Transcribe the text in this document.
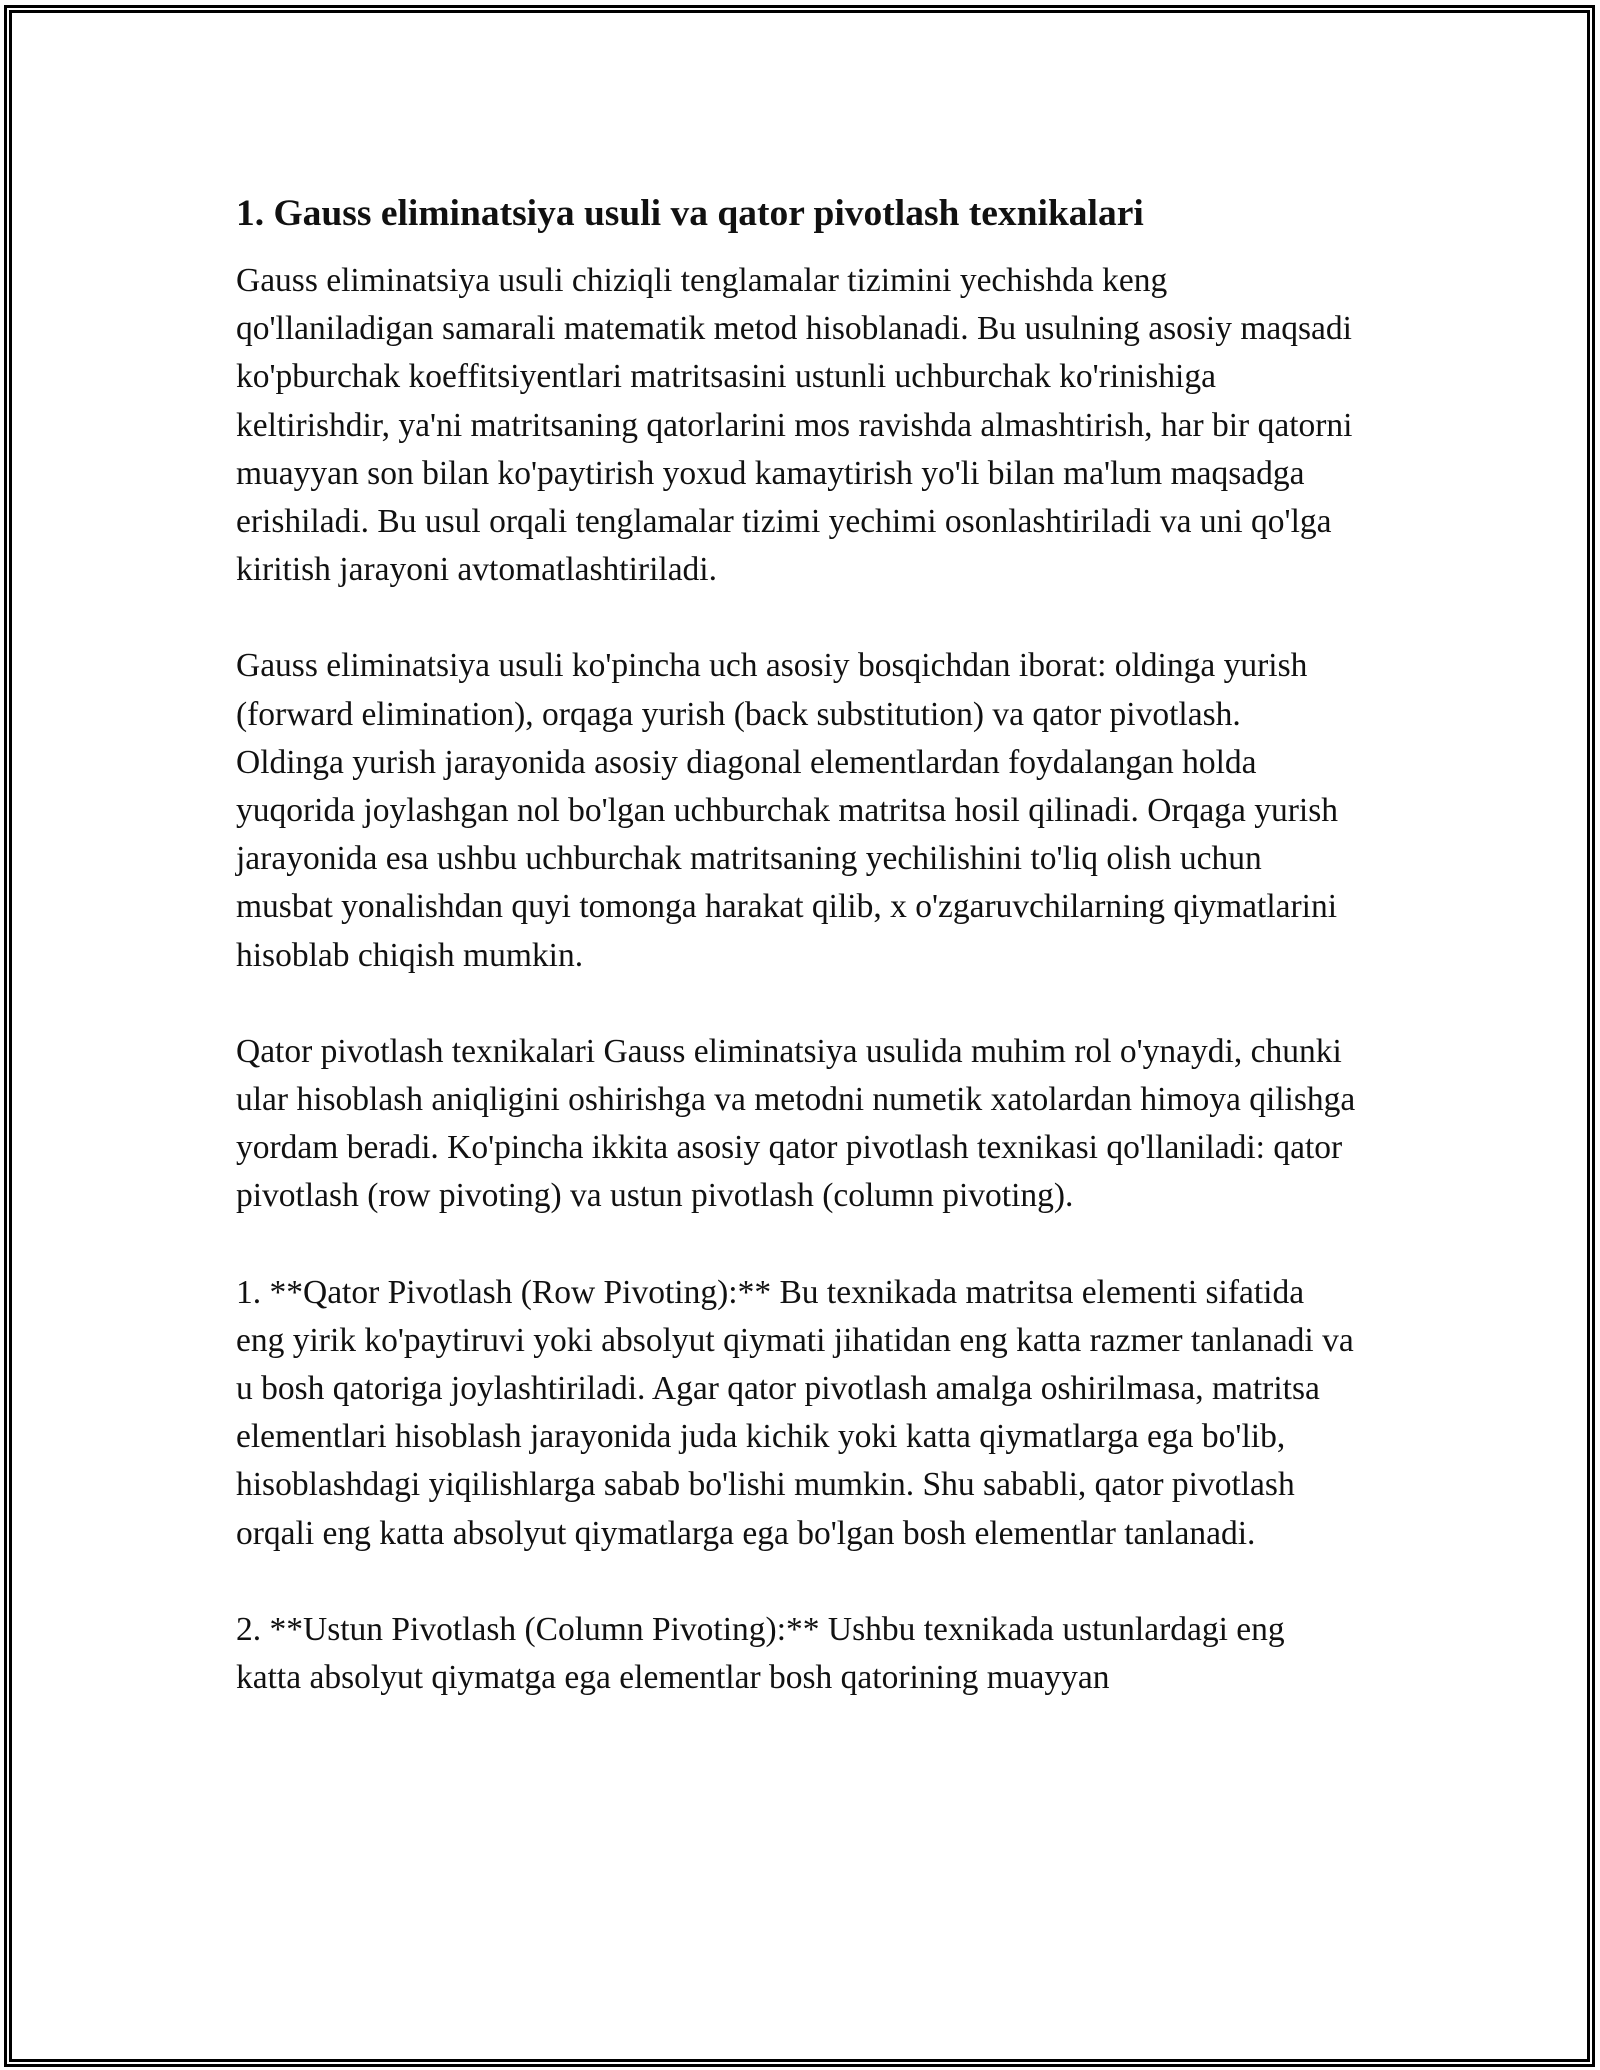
1. Gauss eliminatsiya usuli va qator pivotlash texnikalari

Gauss eliminatsiya usuli chiziqli tenglamalar tizimini yechishda keng qo'llaniladigan samarali matematik metod hisoblanadi. Bu usulning asosiy maqsadi ko'pburchak koeffitsiyentlari matritsasini ustunli uchburchak ko'rinishiga keltirishdir, ya'ni matritsaning qatorlarini mos ravishda almashtirish, har bir qatorni muayyan son bilan ko'paytirish yoxud kamaytirish yo'li bilan ma'lum maqsadga erishiladi. Bu usul orqali tenglamalar tizimi yechimi osonlashtiriladi va uni qo'lga kiritish jarayoni avtomatlashtiriladi.

Gauss eliminatsiya usuli ko'pincha uch asosiy bosqichdan iborat: oldinga yurish (forward elimination), orqaga yurish (back substitution) va qator pivotlash. Oldinga yurish jarayonida asosiy diagonal elementlardan foydalangan holda yuqorida joylashgan nol bo'lgan uchburchak matritsa hosil qilinadi. Orqaga yurish jarayonida esa ushbu uchburchak matritsaning yechilishini to'liq olish uchun musbat yonalishdan quyi tomonga harakat qilib, x o'zgaruvchilarning qiymatlarini hisoblab chiqish mumkin.

Qator pivotlash texnikalari Gauss eliminatsiya usulida muhim rol o'ynaydi, chunki ular hisoblash aniqligini oshirishga va metodni numetik xatolardan himoya qilishga yordam beradi. Ko'pincha ikkita asosiy qator pivotlash texnikasi qo'llaniladi: qator pivotlash (row pivoting) va ustun pivotlash (column pivoting).

1. **Qator Pivotlash (Row Pivoting):** Bu texnikada matritsa elementi sifatida eng yirik ko'paytiruvi yoki absolyut qiymati jihatidan eng katta razmer tanlanadi va u bosh qatoriga joylashtiriladi. Agar qator pivotlash amalga oshirilmasa, matritsa elementlari hisoblash jarayonida juda kichik yoki katta qiymatlarga ega bo'lib, hisoblashdagi yiqilishlarga sabab bo'lishi mumkin. Shu sababli, qator pivotlash orqali eng katta absolyut qiymatlarga ega bo'lgan bosh elementlar tanlanadi.

2. **Ustun Pivotlash (Column Pivoting):** Ushbu texnikada ustunlardagi eng katta absolyut qiymatga ega elementlar bosh qatorining muayyan
